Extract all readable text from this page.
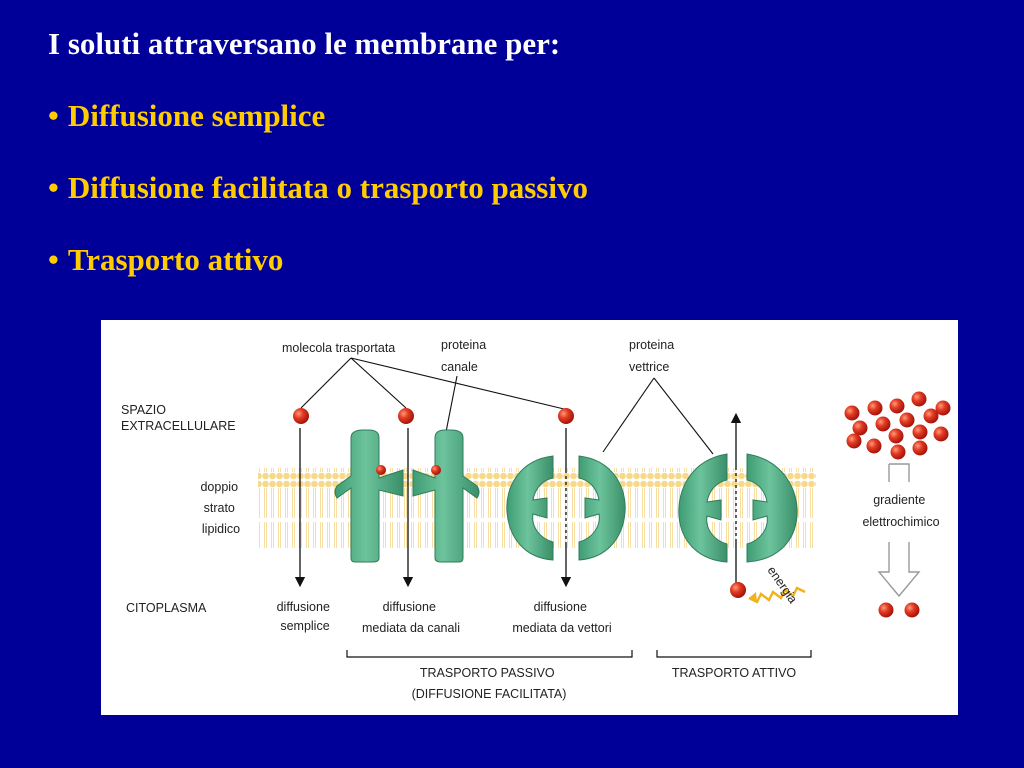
I soluti attraversano le membrane per:
• Diffusione semplice
• Diffusione facilitata o trasporto passivo
• Trasporto attivo
SPAZIO EXTRACELLULARE
doppio strato lipidico
CITOPLASMA
molecola trasportata	proteina canale
proteina vettrice
energia
diffusione semplice
diffusione mediata da canali
diffusione mediata da vettori
TRASPORTO PASSIVO (DIFFUSIONE FACILITATA)
TRASPORTO ATTIVO
gradiente elettrochimico
